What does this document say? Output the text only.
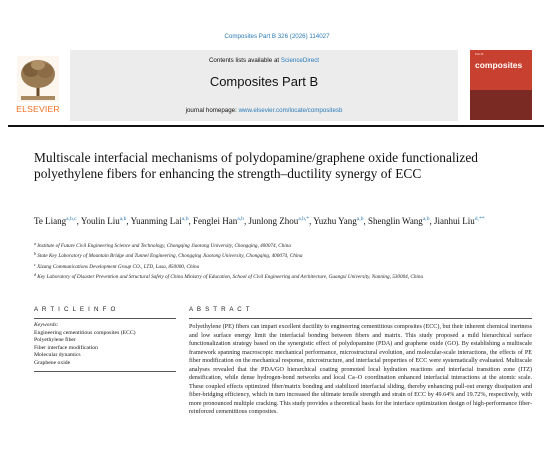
Composites Part B 326 (2026) 114027
ELSEVIER
Contents lists available at ScienceDirect
Composites Part B
journal homepage: www.elsevier.com/locate/compositesb
Part B
composites
Multiscale interfacial mechanisms of polydopamine/graphene oxide functionalized polyethylene fibers for enhancing the strength–ductility synergy of ECC
Te Liang$^{a,b,c}$, Youlin Liu$^{a,b}$, Yuanming Lai$^{a,b}$, Fenglei Han$^{a,b}$, Junlong Zhou$^{a,b,*}$, Yuzhu Yang$^{a,b}$, Shenglin Wang$^{a,b}$, Jianhui Liu$^{d,**}$
$^a$ Institute of Future Civil Engineering Science and Technology, Chongqing Jiaotong University, Chongqing, 400074, China
$^b$ State Key Laboratory of Mountain Bridge and Tunnel Engineering, Chongqing Jiaotong University, Chongqing, 400074, China
$^c$ Xizang Communications Development Group CO., LTD, Lasa, 850000, China
$^d$ Key Laboratory of Disaster Prevention and Structural Safety of China Ministry of Education, School of Civil Engineering and Architecture, Guangxi University, Nanning, 530004, China
A R T I C L E I N F O	A B S T R A C T
Keywords:
Engineering cementitious composites (ECC)
Polyethylene fiber
Fiber interface modification
Molecular dynamics
Graphene oxide
Polyethylene (PE) fibers can impart excellent ductility to engineering cementitious composites (ECC), but their inherent chemical inertness and low surface energy limit the interfacial bonding between fibers and matrix. This study proposed a mild hierarchical surface functionalization strategy based on the synergistic effect of polydopamine (PDA) and graphene oxide (GO). By establishing a multiscale framework spanning macroscopic mechanical performance, microstructural evolution, and molecular-scale interactions, the effects of PE fiber modification on the mechanical response, microstructure, and interfacial properties of ECC were systematically evaluated. Multiscale analyses revealed that the PDA/GO hierarchical coating promoted local hydration reactions and interfacial transition zone (ITZ) densification, while dense hydrogen-bond networks and local Ca–O coordination enhanced interfacial interactions at the atomic scale. These coupled effects optimized fiber/matrix bonding and stabilized interfacial sliding, thereby enhancing pull-out energy dissipation and fiber-bridging efficiency, which in turn increased the ultimate tensile strength and strain of ECC by 49.64% and 19.72%, respectively, with more pronounced multiple cracking. This study provides a theoretical basis for the interface optimization design of high-performance fiber-reinforced cementitious composites.
